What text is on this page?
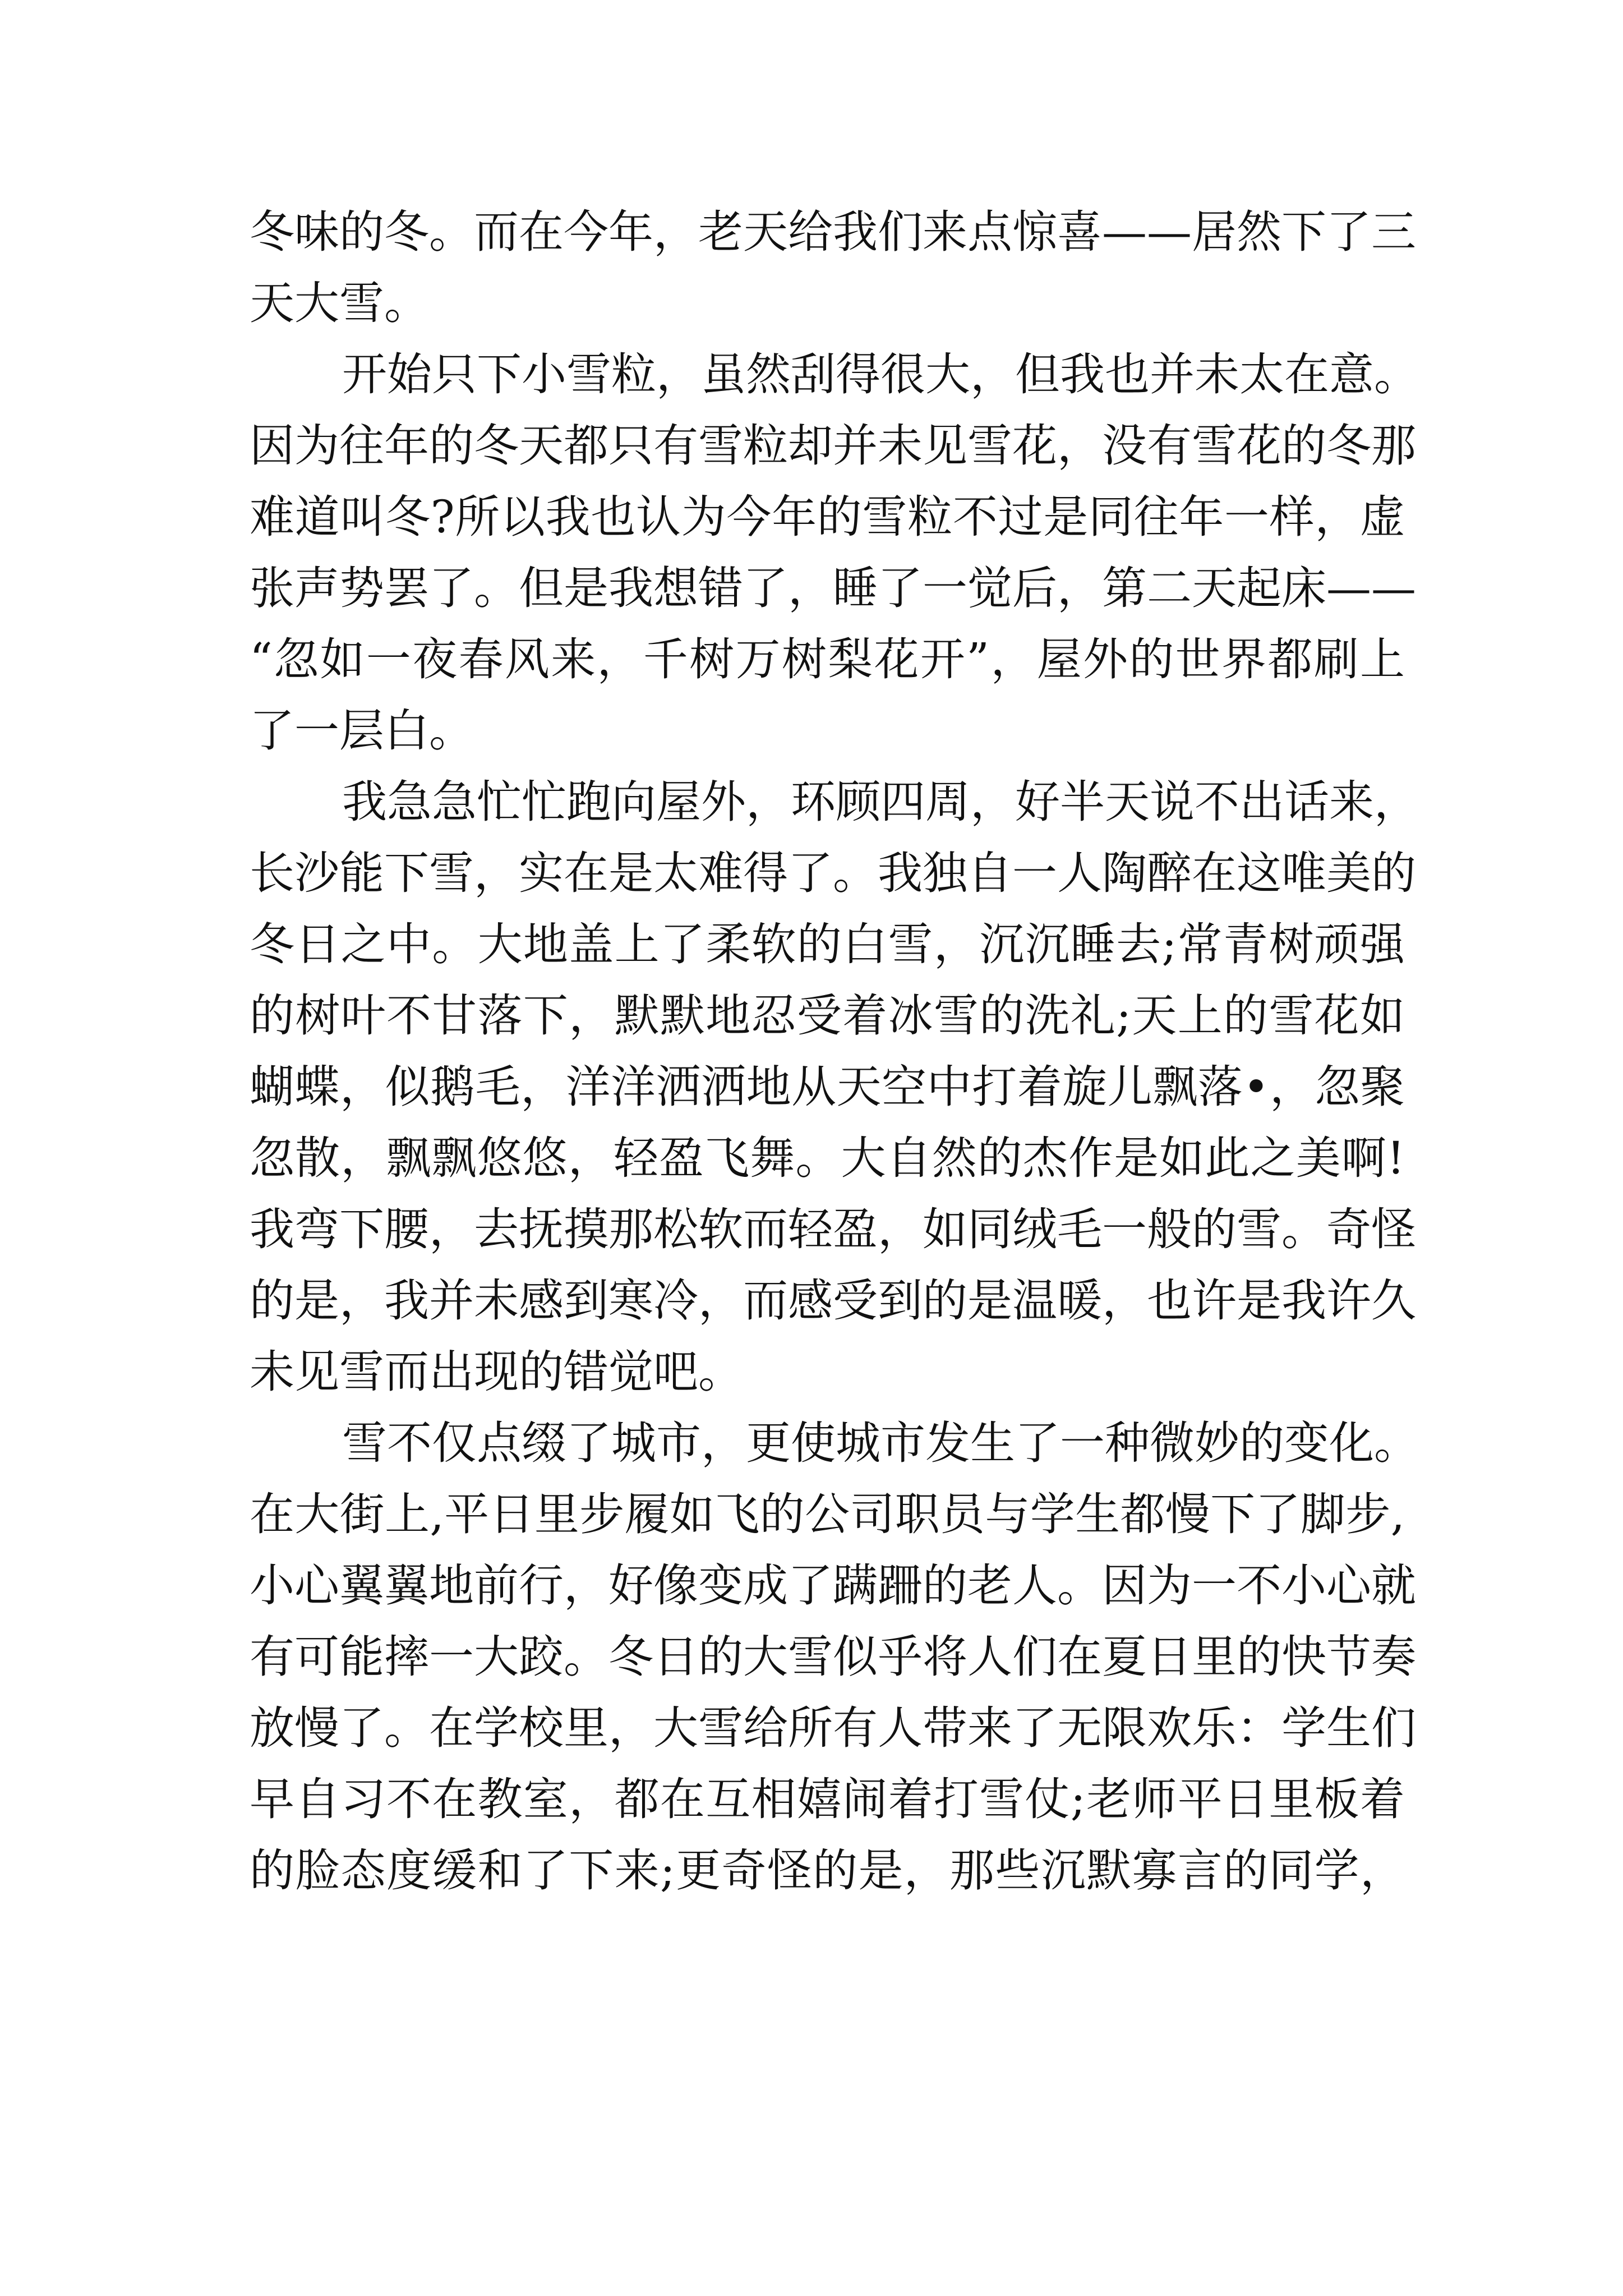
冬味的冬。而在今年，老天给我们来点惊喜——居然下了三
天大雪。
开始只下小雪粒，虽然刮得很大，但我也并未太在意。
因为往年的冬天都只有雪粒却并未见雪花，没有雪花的冬那
难道叫冬?所以我也认为今年的雪粒不过是同往年一样，虚
张声势罢了。但是我想错了，睡了一觉后，第二天起床——
“忽如一夜春风来，千树万树梨花开”，屋外的世界都刷上
了一层白。
我急急忙忙跑向屋外，环顾四周，好半天说不出话来，
长沙能下雪，实在是太难得了。我独自一人陶醉在这唯美的
冬日之中。大地盖上了柔软的白雪，沉沉睡去;常青树顽强
的树叶不甘落下，默默地忍受着冰雪的洗礼;天上的雪花如
蝴蝶，似鹅毛，洋洋洒洒地从天空中打着旋儿飘落•，忽聚
忽散，飘飘悠悠，轻盈飞舞。大自然的杰作是如此之美啊!
我弯下腰，去抚摸那松软而轻盈，如同绒毛一般的雪。奇怪
的是，我并未感到寒冷，而感受到的是温暖，也许是我许久
未见雪而出现的错觉吧。
雪不仅点缀了城市，更使城市发生了一种微妙的变化。
在大街上,平日里步履如飞的公司职员与学生都慢下了脚步,
小心翼翼地前行，好像变成了蹒跚的老人。因为一不小心就
有可能摔一大跤。冬日的大雪似乎将人们在夏日里的快节奏
放慢了。在学校里，大雪给所有人带来了无限欢乐：学生们
早自习不在教室，都在互相嬉闹着打雪仗;老师平日里板着
的脸态度缓和了下来;更奇怪的是，那些沉默寡言的同学，
